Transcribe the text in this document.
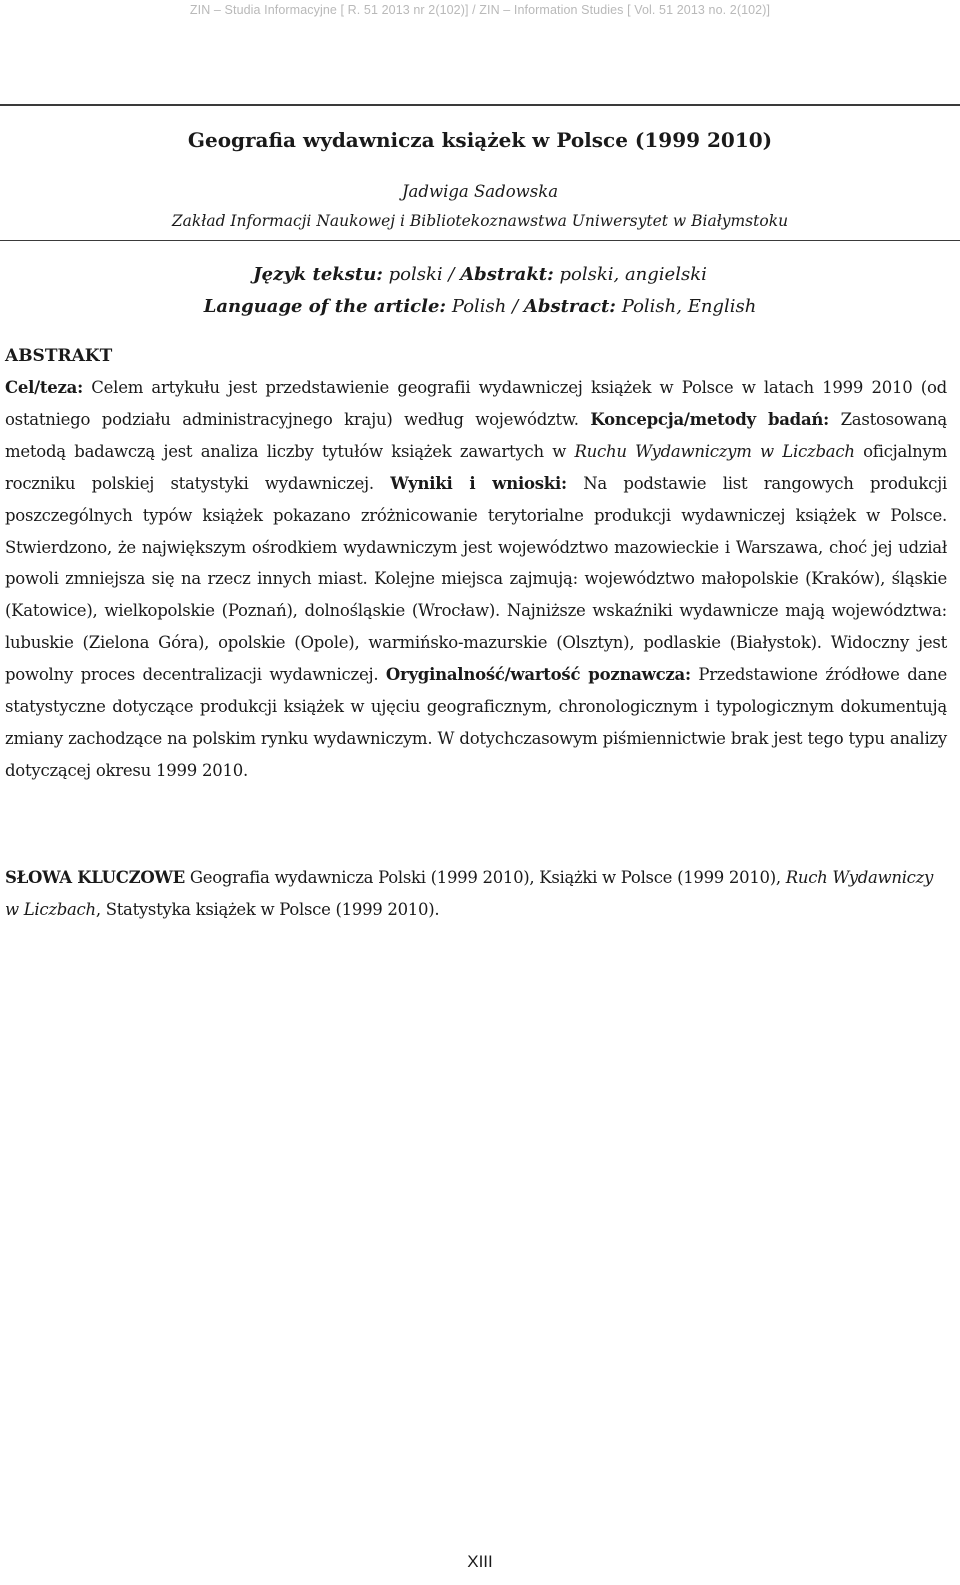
ZIN – Studia Informacyjne [ R. 51 2013 nr 2(102)] / ZIN – Information Studies [ Vol. 51 2013 no. 2(102)]
Geografia wydawnicza książek w Polsce (1999 2010)
Jadwiga Sadowska
Zakład Informacji Naukowej i Bibliotekoznawstwa Uniwersytet w Białymstoku
Język tekstu: polski / Abstrakt: polski, angielski
Language of the article: Polish / Abstract: Polish, English
ABSTRAKT
Cel/teza: Celem artykułu jest przedstawienie geografii wydawniczej książek w Polsce w latach 1999 2010 (od ostatniego podziału administracyjnego kraju) według województw. Koncepcja/metody badań: Zastosowaną metodą badawczą jest analiza liczby tytułów książek zawartych w Ruchu Wydawniczym w Liczbach oficjalnym roczniku polskiej statystyki wydawniczej. Wyniki i wnioski: Na podstawie list rangowych produkcji poszczególnych typów książek pokazano zróżnicowanie terytorialne produkcji wydawniczej książek w Polsce. Stwierdzono, że największym ośrodkiem wydawniczym jest województwo mazowieckie i Warszawa, choć jej udział powoli zmniejsza się na rzecz innych miast. Kolejne miejsca zajmują: województwo małopolskie (Kraków), śląskie (Katowice), wielkopolskie (Poznań), dolnośląskie (Wrocław). Najniższe wskaźniki wydawnicze mają województwa: lubuskie (Zielona Góra), opolskie (Opole), warmińsko-mazurskie (Olsztyn), podlaskie (Białystok). Widoczny jest powolny proces decentralizacji wydawniczej. Oryginalność/wartość poznawcza: Przedstawione źródłowe dane statystyczne dotyczące produkcji książek w ujęciu geograficznym, chronologicznym i typologicznym dokumentują zmiany zachodzące na polskim rynku wydawniczym. W dotychczasowym piśmiennictwie brak jest tego typu analizy dotyczącej okresu 1999 2010.
SŁOWA KLUCZOWE Geografia wydawnicza Polski (1999 2010), Książki w Polsce (1999 2010), Ruch Wydawniczy w Liczbach, Statystyka książek w Polsce (1999 2010).
XIII
